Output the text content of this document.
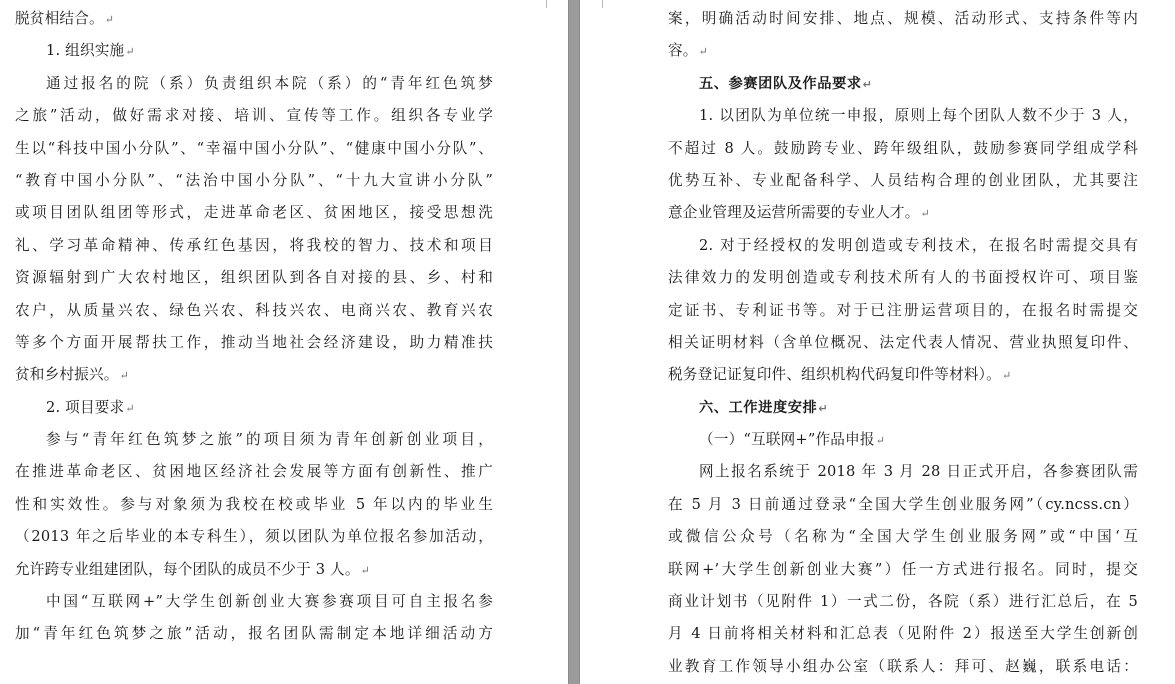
脱贫相结合。↵
1. 组织实施↵
通过报名的院（系）负责组织本院（系）的“青年红色筑梦
之旅”活动，做好需求对接、培训、宣传等工作。组织各专业学
生以“科技中国小分队”、“幸福中国小分队”、“健康中国小分队”、
“教育中国小分队”、“法治中国小分队”、“十九大宣讲小分队”
或项目团队组团等形式，走进革命老区、贫困地区，接受思想洗
礼、学习革命精神、传承红色基因，将我校的智力、技术和项目
资源辐射到广大农村地区，组织团队到各自对接的县、乡、村和
农户，从质量兴农、绿色兴农、科技兴农、电商兴农、教育兴农
等多个方面开展帮扶工作，推动当地社会经济建设，助力精准扶
贫和乡村振兴。↵
2. 项目要求↵
参与“青年红色筑梦之旅”的项目须为青年创新创业项目，
在推进革命老区、贫困地区经济社会发展等方面有创新性、推广
性和实效性。参与对象须为我校在校或毕业 5 年以内的毕业生
（2013 年之后毕业的本专科生），须以团队为单位报名参加活动，
允许跨专业组建团队，每个团队的成员不少于 3 人。↵
中国“互联网+”大学生创新创业大赛参赛项目可自主报名参
加“青年红色筑梦之旅”活动，报名团队需制定本地详细活动方
案，明确活动时间安排、地点、规模、活动形式、支持条件等内
容。↵
五、参赛团队及作品要求↵
1. 以团队为单位统一申报，原则上每个团队人数不少于 3 人，
不超过 8 人。鼓励跨专业、跨年级组队，鼓励参赛同学组成学科
优势互补、专业配备科学、人员结构合理的创业团队，尤其要注
意企业管理及运营所需要的专业人才。↵
2. 对于经授权的发明创造或专利技术，在报名时需提交具有
法律效力的发明创造或专利技术所有人的书面授权许可、项目鉴
定证书、专利证书等。对于已注册运营项目的，在报名时需提交
相关证明材料（含单位概况、法定代表人情况、营业执照复印件、
税务登记证复印件、组织机构代码复印件等材料）。↵
六、工作进度安排↵
（一）“互联网+”作品申报↵
网上报名系统于 2018 年 3 月 28 日正式开启，各参赛团队需
在 5 月 3 日前通过登录“全国大学生创业服务网”（cy.ncss.cn）
或微信公众号（名称为“全国大学生创业服务网”或“中国‘互
联网+’大学生创新创业大赛”）任一方式进行报名。同时，提交
商业计划书（见附件 1）一式二份，各院（系）进行汇总后，在 5
月 4 日前将相关材料和汇总表（见附件 2）报送至大学生创新创
业教育工作领导小组办公室（联系人：拜可、赵巍，联系电话：
